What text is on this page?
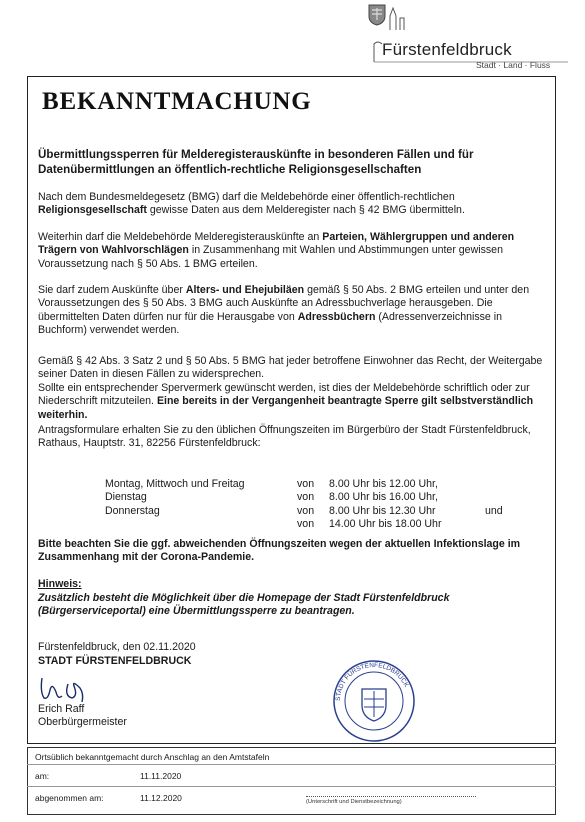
Fürstenfeldbruck
Stadt · Land · Fluss
BEKANNTMACHUNG
Übermittlungssperren für Melderegisterauskünfte in besonderen Fällen und für Datenübermittlungen an öffentlich-rechtliche Religionsgesellschaften

Nach dem Bundesmeldegesetz (BMG) darf die Meldebehörde einer öffentlich-rechtlichen Religionsgesellschaft gewisse Daten aus dem Melderegister nach § 42 BMG übermitteln.

Weiterhin darf die Meldebehörde Melderegisterauskünfte an Parteien, Wählergruppen und anderen Trägern von Wahlvorschlägen in Zusammenhang mit Wahlen und Abstimmungen unter gewissen Voraussetzung nach § 50 Abs. 1 BMG erteilen.

Sie darf zudem Auskünfte über Alters- und Ehejubiläen gemäß § 50 Abs. 2 BMG erteilen und unter den Voraussetzungen des § 50 Abs. 3 BMG auch Auskünfte an Adressbuchverlage herausgeben. Die übermittelten Daten dürfen nur für die Herausgabe von Adressbüchern (Adressenverzeichnisse in Buchform) verwendet werden.

Gemäß § 42 Abs. 3 Satz 2 und § 50 Abs. 5 BMG hat jeder betroffene Einwohner das Recht, der Weitergabe seiner Daten in diesen Fällen zu widersprechen.

Sollte ein entsprechender Spervermerk gewünscht werden, ist dies der Meldebehörde schriftlich oder zur Niederschrift mitzuteilen. Eine bereits in der Vergangenheit beantragte Sperre gilt selbstverständlich weiterhin.

Antragsformulare erhalten Sie zu den üblichen Öffnungszeiten im Bürgerbüro der Stadt Fürstenfeldbruck, Rathaus, Hauptstr. 31, 82256 Fürstenfeldbruck:

Montag, Mittwoch und Freitag	von 8.00 Uhr bis 12.00 Uhr,
Dienstag	von 8.00 Uhr bis 16.00 Uhr,
Donnerstag	von 8.00 Uhr bis 12.30 Uhr	und
von 14.00 Uhr bis 18.00 Uhr
Bitte beachten Sie die ggf. abweichenden Öffnungszeiten wegen der aktuellen Infektionslage im Zusammenhang mit der Corona-Pandemie.
Hinweis:
Zusätzlich besteht die Möglichkeit über die Homepage der Stadt Fürstenfeldbruck (Bürgerserviceportal) eine Übermittlungssperre zu beantragen.
Fürstenfeldbruck, den 02.11.2020
STADT FÜRSTENFELDBRUCK
Erich Raff
Oberbürgermeister
STADT FÜRSTENFELDBRUCK
Ortsüblich bekanntgemacht durch Anschlag an den Amtstafeln
am:	11.11.2020
abgenommen am:	11.12.2020	(Unterschrift und Dienstbezeichnung)
